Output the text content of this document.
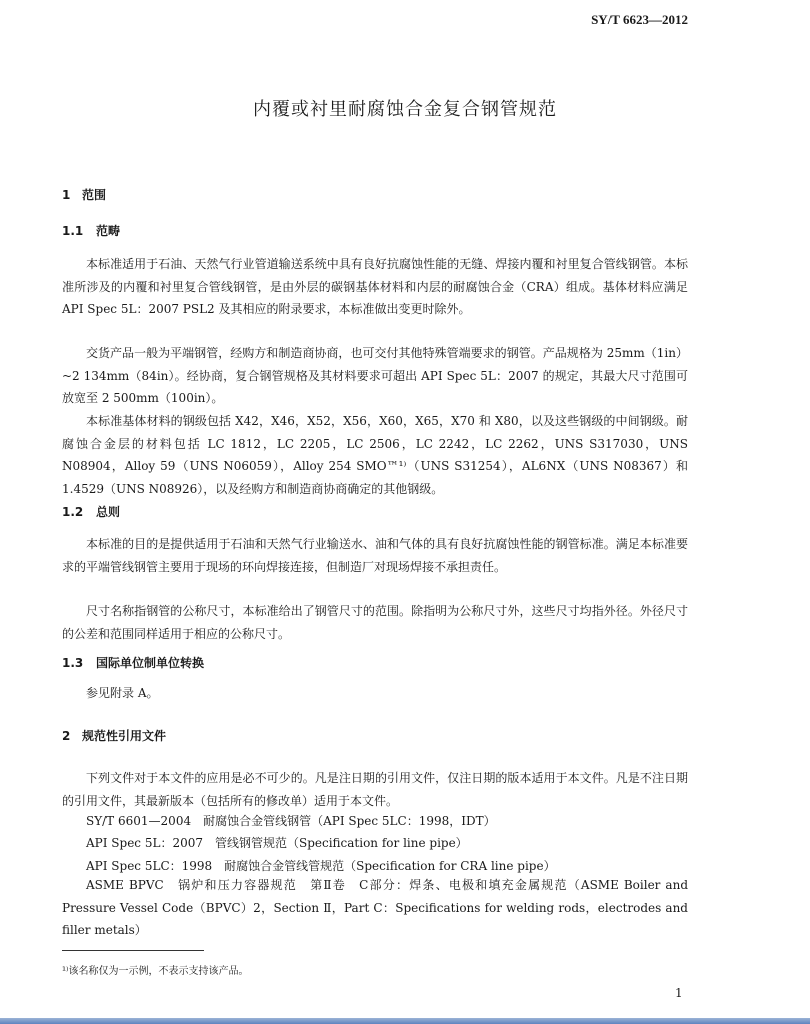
SY/T 6623—2012
内覆或衬里耐腐蚀合金复合钢管规范
1 范围
1.1 范畴
本标准适用于石油、天然气行业管道输送系统中具有良好抗腐蚀性能的无缝、焊接内覆和衬里复合管线钢管。本标准所涉及的内覆和衬里复合管线钢管，是由外层的碳钢基体材料和内层的耐腐蚀合金（CRA）组成。基体材料应满足 API Spec 5L：2007 PSL2 及其相应的附录要求，本标准做出变更时除外。
交货产品一般为平端钢管，经购方和制造商协商，也可交付其他特殊管端要求的钢管。产品规格为 25mm（1in）~2 134mm（84in）。经协商，复合钢管规格及其材料要求可超出 API Spec 5L：2007 的规定，其最大尺寸范围可放宽至 2 500mm（100in）。
本标准基体材料的钢级包括 X42，X46，X52，X56，X60，X65，X70 和 X80，以及这些钢级的中间钢级。耐腐蚀合金层的材料包括 LC 1812，LC 2205，LC 2506，LC 2242，LC 2262，UNS S317030，UNS N08904，Alloy 59（UNS N06059），Alloy 254 SMO™¹⁾（UNS S31254），AL6NX（UNS N08367）和 1.4529（UNS N08926），以及经购方和制造商协商确定的其他钢级。
1.2 总则
本标准的目的是提供适用于石油和天然气行业输送水、油和气体的具有良好抗腐蚀性能的钢管标准。满足本标准要求的平端管线钢管主要用于现场的环向焊接连接，但制造厂对现场焊接不承担责任。
尺寸名称指钢管的公称尺寸，本标准给出了钢管尺寸的范围。除指明为公称尺寸外，这些尺寸均指外径。外径尺寸的公差和范围同样适用于相应的公称尺寸。
1.3 国际单位制单位转换
参见附录 A。
2 规范性引用文件
下列文件对于本文件的应用是必不可少的。凡是注日期的引用文件，仅注日期的版本适用于本文件。凡是不注日期的引用文件，其最新版本（包括所有的修改单）适用于本文件。
SY/T 6601—2004　耐腐蚀合金管线钢管（API Spec 5LC：1998，IDT）
API Spec 5L：2007　管线钢管规范（Specification for line pipe）
API Spec 5LC：1998　耐腐蚀合金管线管规范（Specification for CRA line pipe）
ASME BPVC　锅炉和压力容器规范　第Ⅱ卷　C部分：焊条、电极和填充金属规范（ASME Boiler and Pressure Vessel Code（BPVC）2，Section Ⅱ，Part C：Specifications for welding rods，electrodes and filler metals）
¹⁾该名称仅为一示例，不表示支持该产品。
1
